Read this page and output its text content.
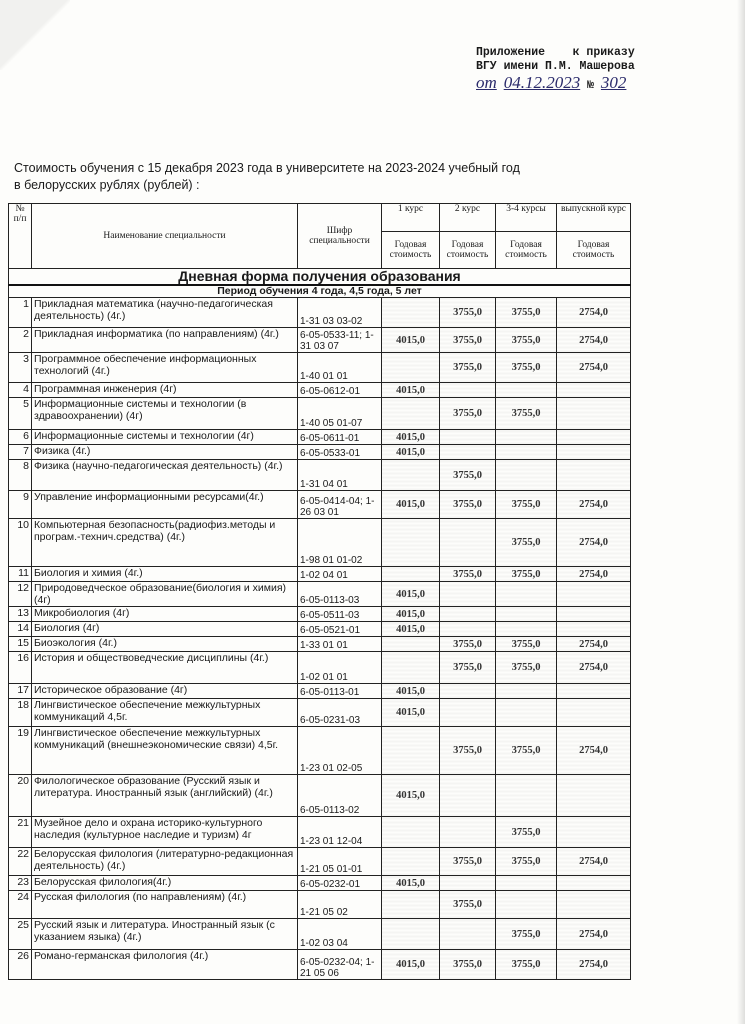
Приложение    к приказу
ВГУ имени П.М. Машерова
от 04.12.2023 № 302
Стоимость обучения с 15 декабря 2023 года в университете на 2023-2024 учебный год
в белорусских рублях (рублей) :
№ п/п	Наименование специальности	Шифр специальности	1 курс	2 курс	3-4 курсы	выпускной курс
			Годовая стоимость	Годовая стоимость	Годовая стоимость	Годовая стоимость
Дневная форма получения образования						
Период обучения 4 года, 4,5 года, 5 лет						
1	Прикладная математика (научно-педагогическая деятельность) (4г.)	1-31 03 03-02		3755,0	3755,0	2754,0
2	Прикладная информатика (по направлениям) (4г.)	6-05-0533-11; 1-31 03 07	4015,0	3755,0	3755,0	2754,0
3	Программное обеспечение информационных технологий (4г.)	1-40 01 01		3755,0	3755,0	2754,0
4	Программная инженерия (4г)	6-05-0612-01	4015,0			
5	Информационные системы и технологии (в здравоохранении) (4г)	1-40 05 01-07		3755,0	3755,0	
6	Информационные системы и технологии (4г)	6-05-0611-01	4015,0			
7	Физика (4г.)	6-05-0533-01	4015,0			
8	Физика (научно-педагогическая деятельность) (4г.)	1-31 04 01		3755,0		
9	Управление информационными ресурсами(4г.)	6-05-0414-04; 1-26 03 01	4015,0	3755,0	3755,0	2754,0
10	Компьютерная безопасность(радиофиз.методы и програм.-технич.средства) (4г.)	1-98 01 01-02			3755,0	2754,0
11	Биология и химия (4г.)	1-02 04 01		3755,0	3755,0	2754,0
12	Природоведческое образование(биология и химия) (4г)	6-05-0113-03	4015,0			
13	Микробиология (4г)	6-05-0511-03	4015,0			
14	Биология (4г)	6-05-0521-01	4015,0			
15	Биоэкология (4г.)	1-33 01 01		3755,0	3755,0	2754,0
16	История и обществоведческие дисциплины (4г.)	1-02 01 01		3755,0	3755,0	2754,0
17	Историческое образование (4г)	6-05-0113-01	4015,0			
18	Лингвистическое обеспечение межкультурных коммуникаций 4,5г.	6-05-0231-03	4015,0			
19	Лингвистическое обеспечение межкультурных коммуникаций (внешнеэкономические связи) 4,5г.	1-23 01 02-05		3755,0	3755,0	2754,0
20	Филологическое образование (Русский язык и литература. Иностранный язык (английский) (4г.)	6-05-0113-02	4015,0			
21	Музейное дело и охрана историко-культурного наследия (культурное наследие и туризм) 4г	1-23 01 12-04			3755,0	
22	Белорусская филология (литературно-редакционная деятельность) (4г.)	1-21 05 01-01		3755,0	3755,0	2754,0
23	Белорусская филология(4г.)	6-05-0232-01	4015,0			
24	Русская филология (по направлениям) (4г.)	1-21 05 02		3755,0		
25	Русский язык и литература. Иностранный язык (с указанием языка) (4г.)	1-02 03 04			3755,0	2754,0
26	Романо-германская филология (4г.)	6-05-0232-04; 1-21 05 06	4015,0	3755,0	3755,0	2754,0
